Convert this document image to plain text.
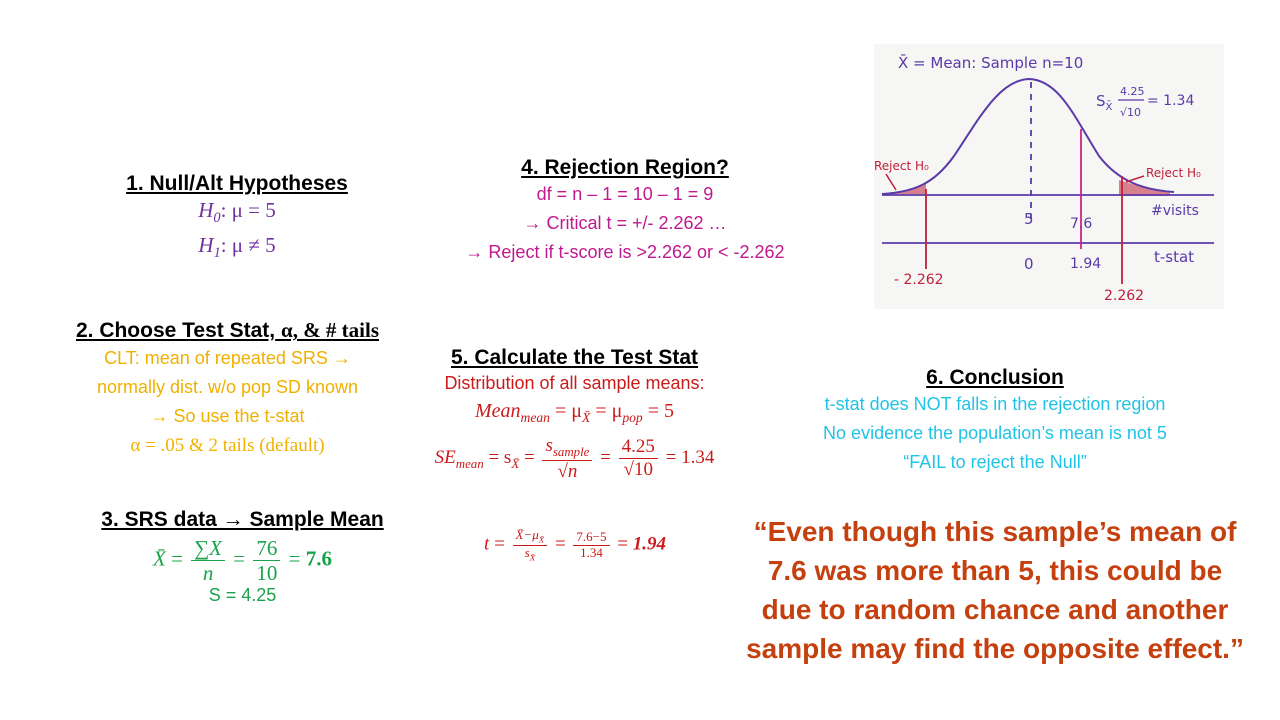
1. Null/Alt Hypotheses
$H_0$: μ = 5
$H_1$: μ ≠ 5
2. Choose Test Stat, α, & # tails
CLT: mean of repeated SRS →
normally dist. w/o pop SD known
→ So use the t-stat
α = .05 & 2 tails (default)
3. SRS data → Sample Mean
X̄ = $\frac{\sum X}{n} = \frac{76}{10} = 7.6$
S = 4.25
4. Rejection Region?
df = n – 1 = 10 – 1 = 9
→ Critical t = +/- 2.262 …
→ Reject if t-score is >2.262 or < -2.262
5. Calculate the Test Stat
Distribution of all sample means:
Mean$_{mean}$ = $\mu_{X̄} = \mu_{pop} = 5$
$SE_{mean} = s_{X̄} = \frac{s_{sample}}{√n} = \frac{4.25}{√10} = 1.34$
$t = \frac{X̄-\mu_{X̄}}{s_{X̄}} = \frac{7.6-5}{1.34} = 1.94$
6. Conclusion
t-stat does NOT falls in the rejection region
No evidence the population’s mean is not 5
“FAIL to reject the Null”
“Even though this sample’s mean of
7.6 was more than 5, this could be
due to random chance and another
sample may find the opposite effect.”
X̄ = Mean: Sample n=10
$S_{X̄}$
4.25
√10
= 1.34
Reject H₀	Reject H₀
#visits
5	7.6
t-stat
0	1.94
- 2.262
2.262
